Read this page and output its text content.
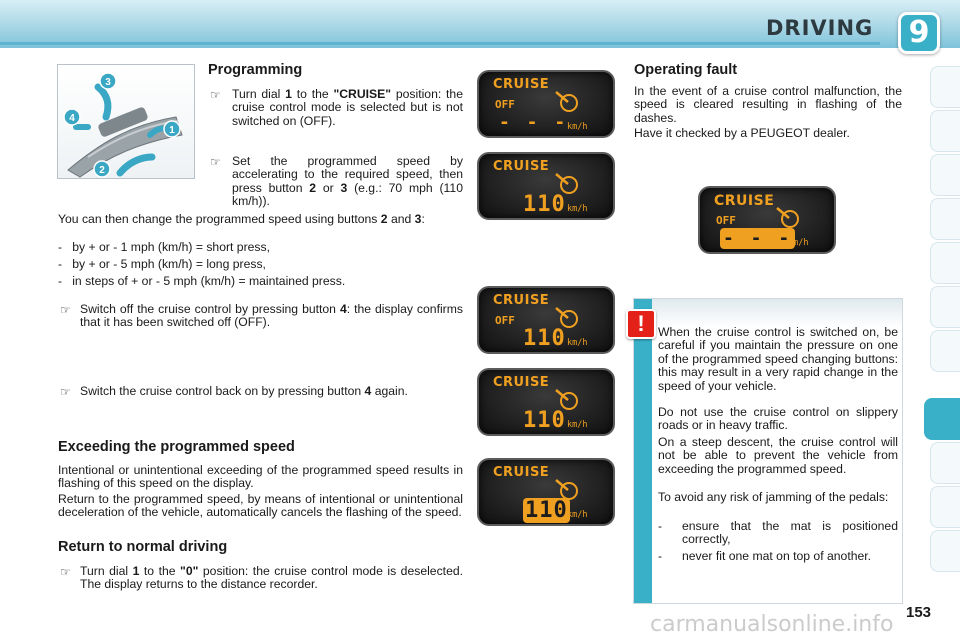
DRIVING	9
3
4
1
2
Programming
☞ Turn dial 1 to the "CRUISE" position: the cruise control mode is selected but is not switched on (OFF).
☞ Set the programmed speed by accelerating to the required speed, then press button 2 or 3 (e.g.: 70 mph (110 km/h)).
You can then change the programmed speed using buttons 2 and 3:
-   by + or - 1 mph (km/h) = short press,
-   by + or - 5 mph (km/h) = long press,
-   in steps of + or - 5 mph (km/h) = maintained press.
☞ Switch off the cruise control by pressing button 4: the display confirms that it has been switched off (OFF).
☞ Switch the cruise control back on by pressing button 4 again.
Exceeding the programmed speed
Intentional or unintentional exceeding of the programmed speed results in flashing of this speed on the display.
Return to the programmed speed, by means of intentional or unintentional deceleration of the vehicle, automatically cancels the flashing of the speed.
Return to normal driving
☞ Turn dial 1 to the "0" position: the cruise control mode is deselected. The display returns to the distance recorder.
CRUISE
OFF
- - -
km/h
CRUISE
110 km/h
CRUISE
OFF
110 km/h
CRUISE
110 km/h
CRUISE
110 km/h
Operating fault
In the event of a cruise control malfunction, the speed is cleared resulting in flashing of the dashes.
Have it checked by a PEUGEOT dealer.
CRUISE
OFF
- - -
km/h
When the cruise control is switched on, be careful if you maintain the pressure on one of the programmed speed changing buttons: this may result in a very rapid change in the speed of your vehicle.
Do not use the cruise control on slippery roads or in heavy traffic.
On a steep descent, the cruise control will not be able to prevent the vehicle from exceeding the programmed speed.
To avoid any risk of jamming of the pedals:
-	ensure that the mat is positioned correctly,
-	never fit one mat on top of another.
!
carmanualsonline.info 153
